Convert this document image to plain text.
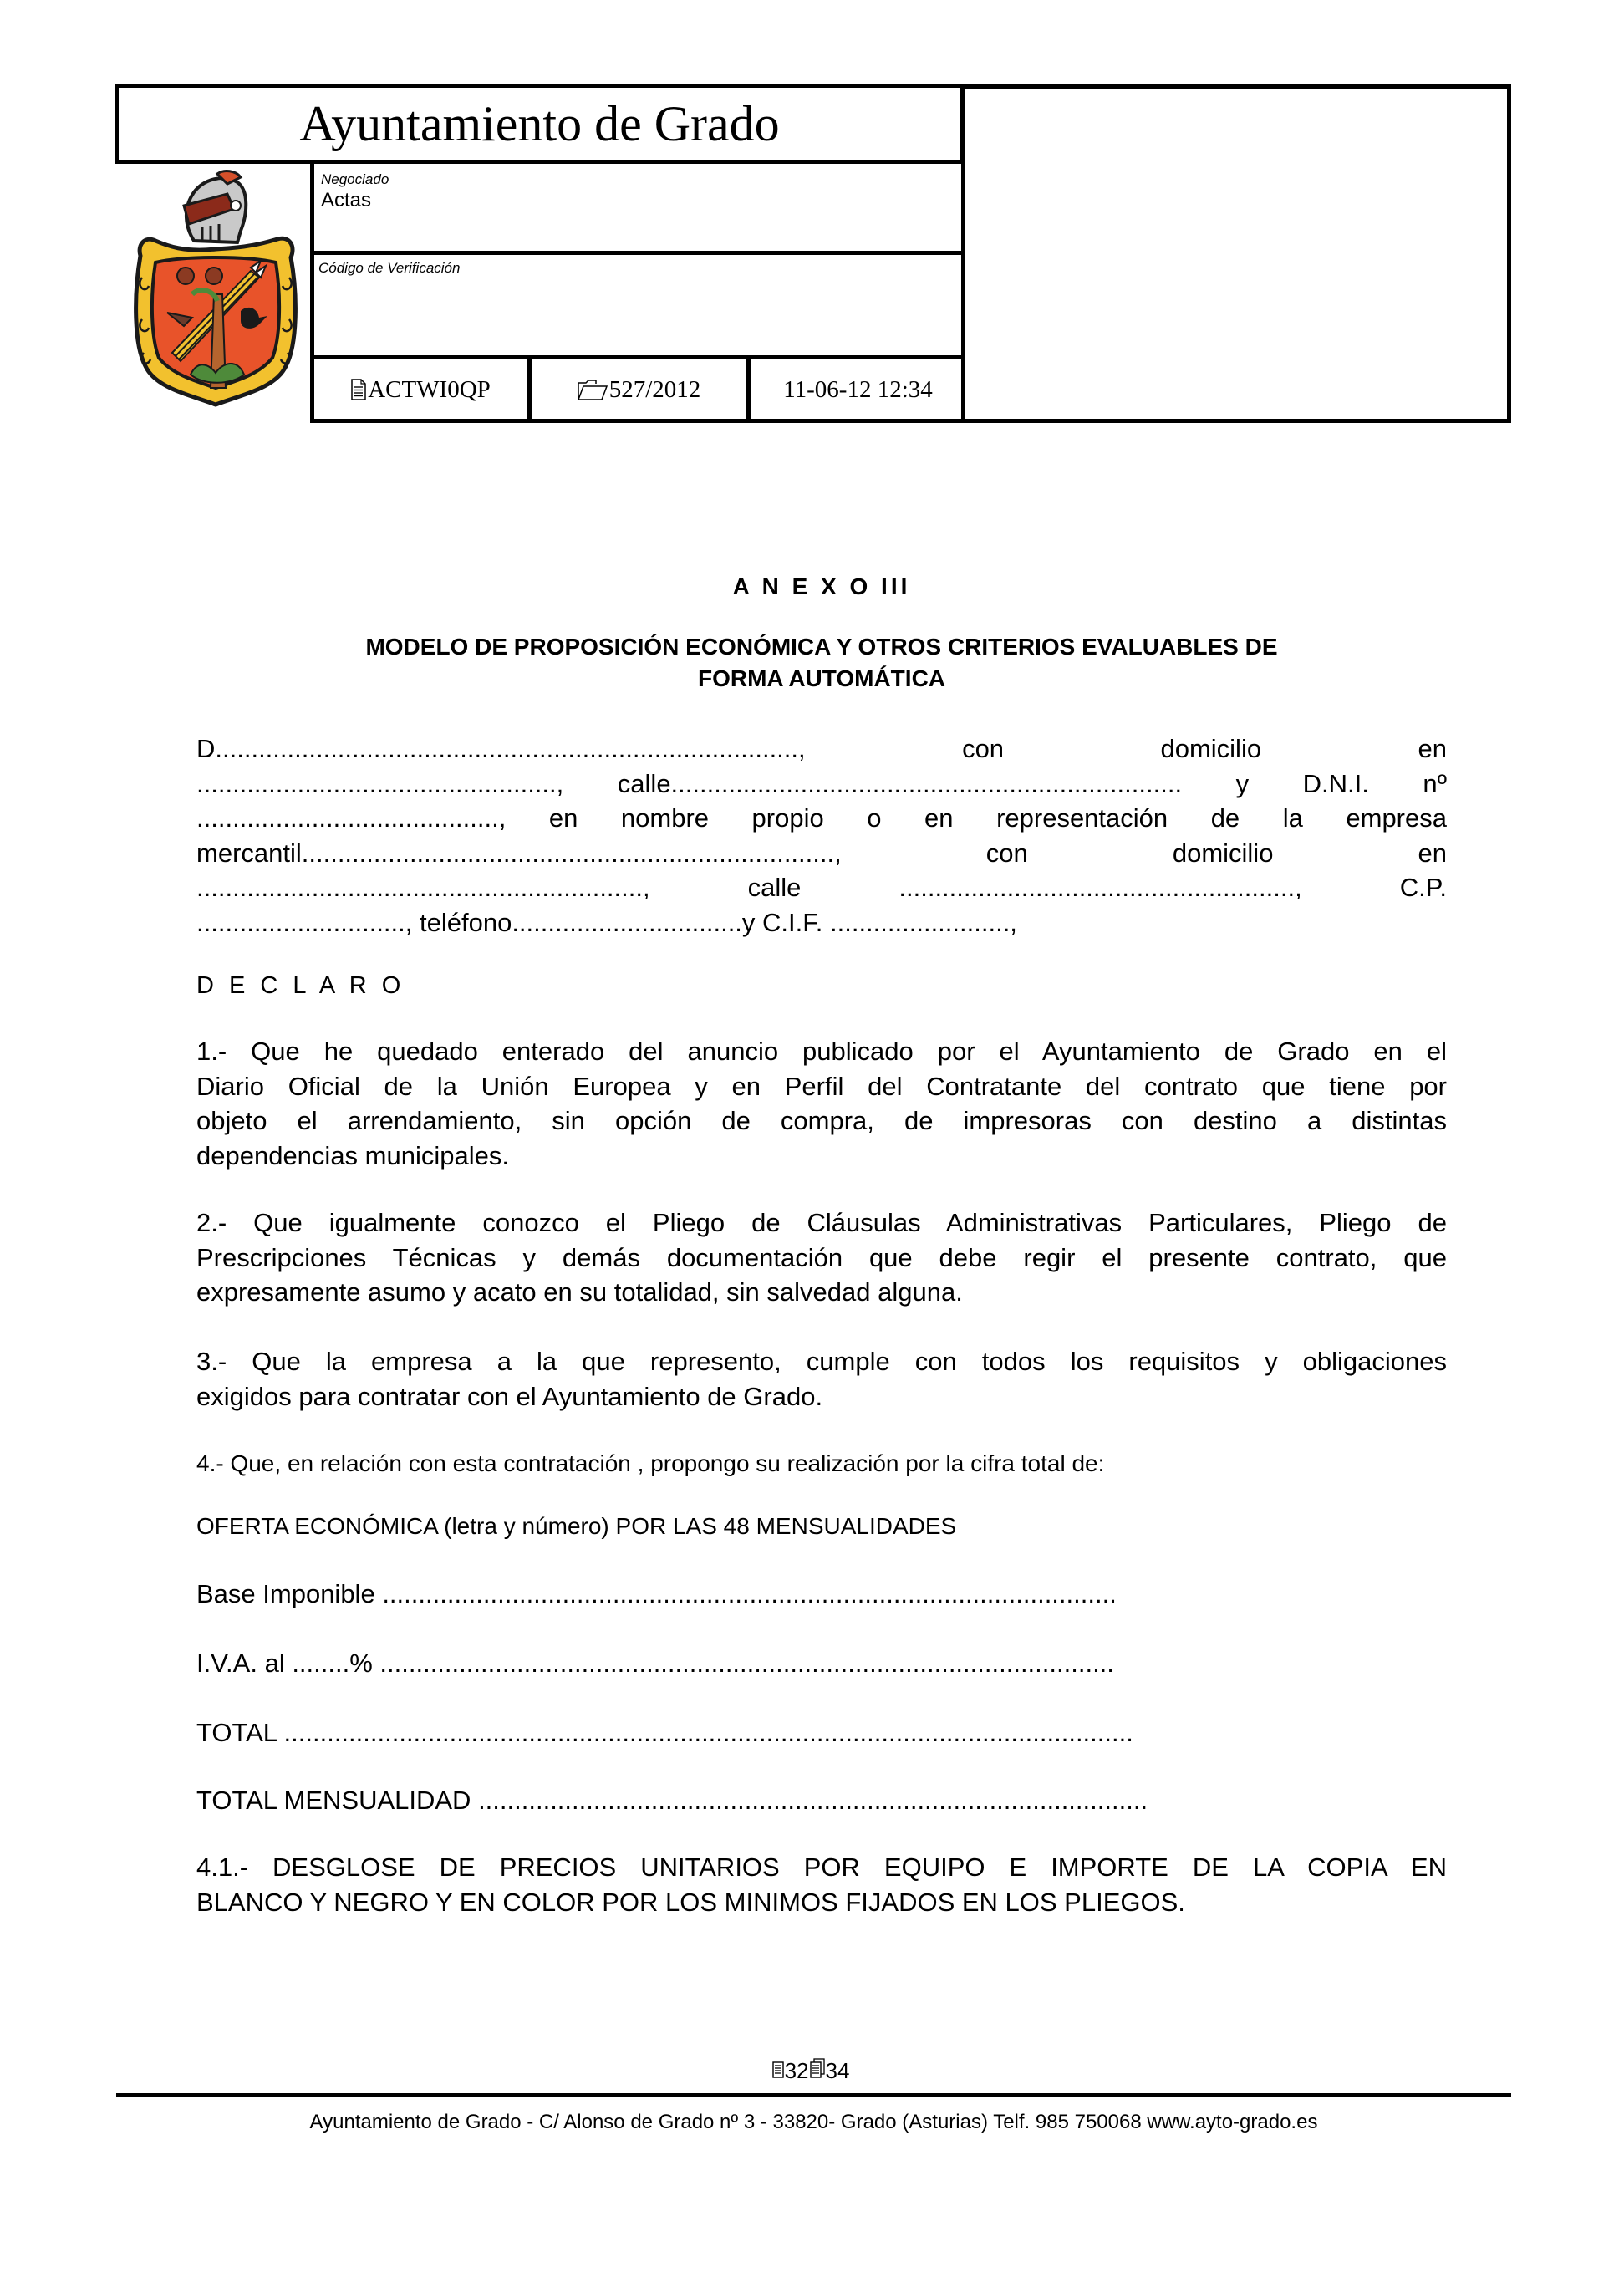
Ayuntamiento de Grado
Negociado
Actas
Código de Verificación
ACTWI0QP	527/2012	11-06-12 12:34
A N E X O III
MODELO DE PROPOSICIÓN ECONÓMICA Y OTROS CRITERIOS EVALUABLES DE
FORMA AUTOMÁTICA
D................................................................................., con domicilio en
.................................................., calle....................................................................... y D.N.I. nº
.........................................., en nombre propio o en representación de la empresa
mercantil.........................................................................., con domicilio en
.............................................................., calle ......................................................., C.P.
............................., teléfono................................y C.I.F. .........................,
D E C L A R O
1.- Que he quedado enterado del anuncio publicado por el Ayuntamiento de Grado en el
Diario Oficial de la Unión Europea y en Perfil del Contratante del contrato que tiene por
objeto el arrendamiento, sin opción de compra, de impresoras con destino a distintas
dependencias municipales.
2.- Que igualmente conozco el Pliego de Cláusulas Administrativas Particulares, Pliego de
Prescripciones Técnicas y demás documentación que debe regir el presente contrato, que
expresamente asumo y acato en su totalidad, sin salvedad alguna.
3.- Que la empresa a la que represento, cumple con todos los requisitos y obligaciones
exigidos para contratar con el Ayuntamiento de Grado.
4.- Que, en relación con esta contratación , propongo su realización por la cifra total de:
OFERTA ECONÓMICA (letra y número) POR LAS 48 MENSUALIDADES
Base Imponible ......................................................................................................
I.V.A. al ........% ......................................................................................................
TOTAL ......................................................................................................................
TOTAL MENSUALIDAD .............................................................................................
4.1.- DESGLOSE DE PRECIOS UNITARIOS POR EQUIPO E IMPORTE DE LA COPIA EN
BLANCO Y NEGRO Y EN COLOR POR LOS MINIMOS FIJADOS EN LOS PLIEGOS.
32 34
Ayuntamiento de Grado - C/ Alonso de Grado nº 3 - 33820- Grado (Asturias) Telf. 985 750068 www.ayto-grado.es
